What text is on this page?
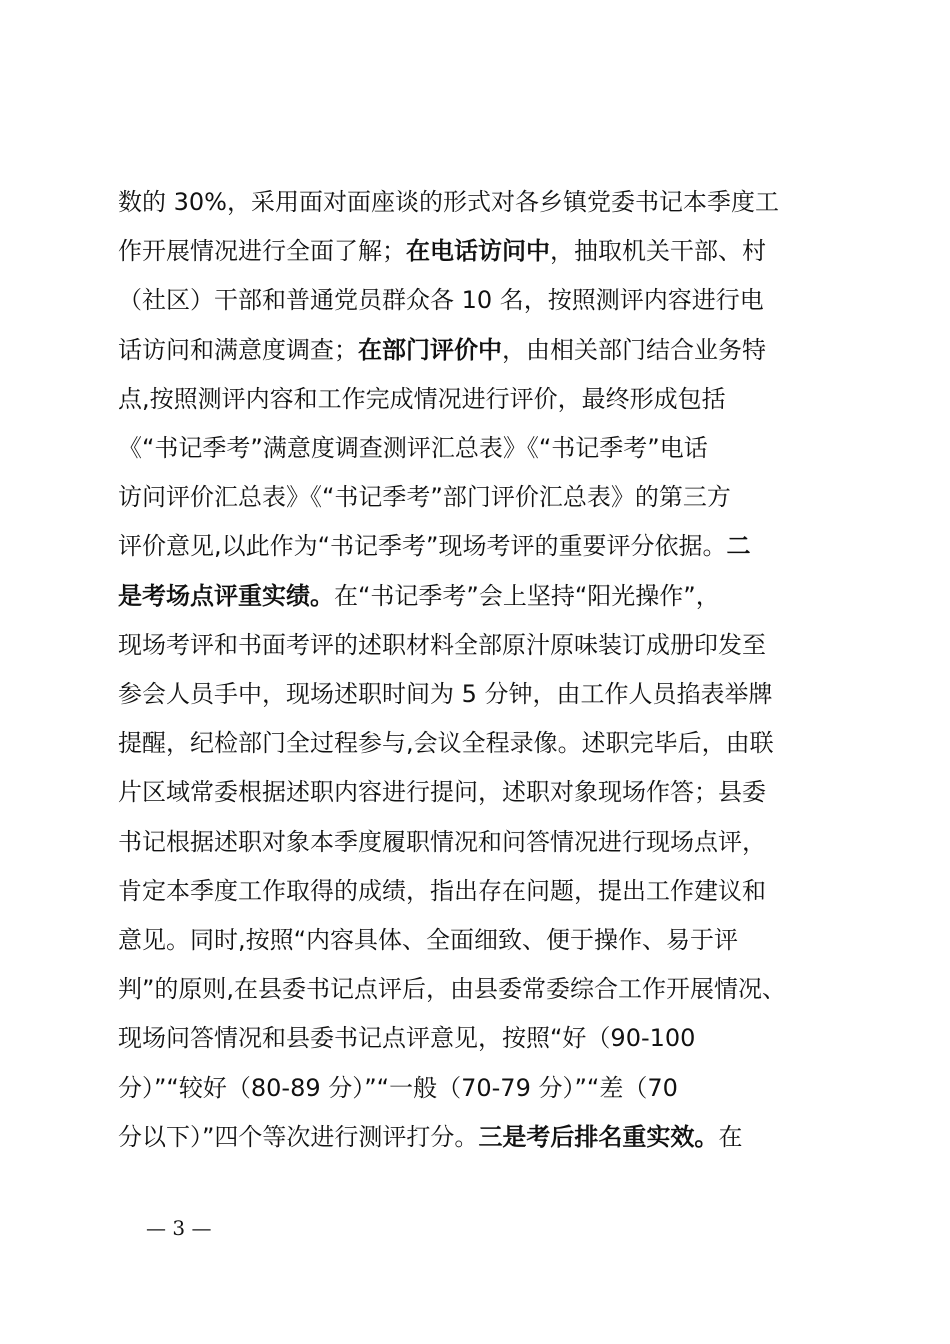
数的 30%，采用面对面座谈的形式对各乡镇党委书记本季度工
作开展情况进行全面了解；在电话访问中，抽取机关干部、村
（社区）干部和普通党员群众各 10 名，按照测评内容进行电
话访问和满意度调查；在部门评价中，由相关部门结合业务特
点,按照测评内容和工作完成情况进行评价，最终形成包括
《“书记季考”满意度调查测评汇总表》《“书记季考”电话
访问评价汇总表》《“书记季考”部门评价汇总表》的第三方
评价意见,以此作为“书记季考”现场考评的重要评分依据。二
是考场点评重实绩。在“书记季考”会上坚持“阳光操作”，
现场考评和书面考评的述职材料全部原汁原味装订成册印发至
参会人员手中，现场述职时间为 5 分钟，由工作人员掐表举牌
提醒，纪检部门全过程参与,会议全程录像。述职完毕后，由联
片区域常委根据述职内容进行提问，述职对象现场作答；县委
书记根据述职对象本季度履职情况和问答情况进行现场点评，
肯定本季度工作取得的成绩，指出存在问题，提出工作建议和
意见。同时,按照“内容具体、全面细致、便于操作、易于评
判”的原则,在县委书记点评后，由县委常委综合工作开展情况、
现场问答情况和县委书记点评意见，按照“好（90-100
分）”“较好（80-89 分）”“一般（70-79 分）”“差（70
分以下）”四个等次进行测评打分。三是考后排名重实效。在
— 3 —
